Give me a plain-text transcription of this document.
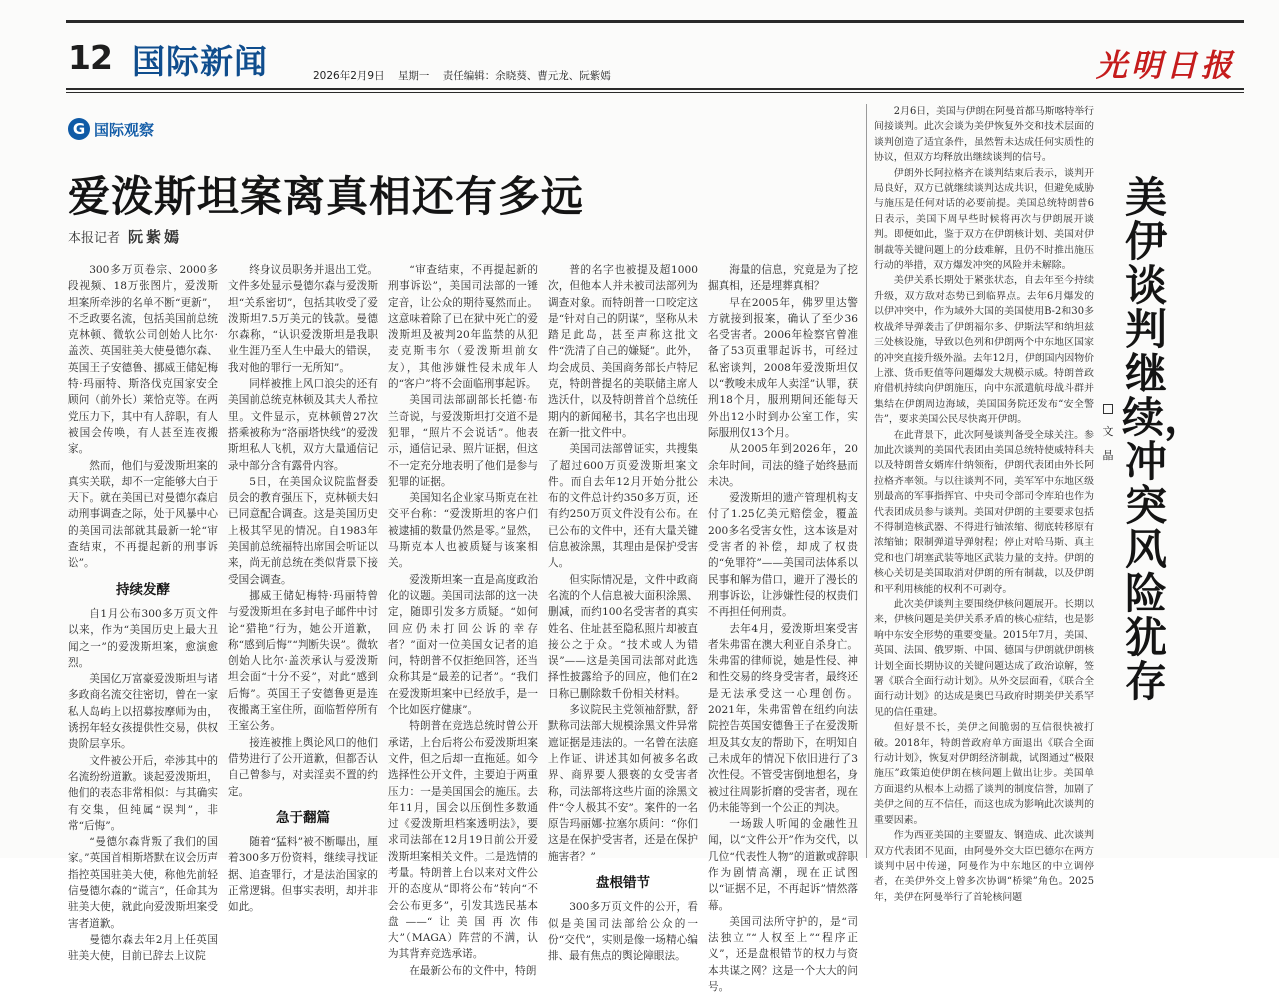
12 国际新闻	2026年2月9日 星期一 责任编辑：余晓葵、曹元龙、阮紫嫣	光明日报
G 国际观察
爱泼斯坦案离真相还有多远
本报记者 阮紫嫣

300多万页卷宗、2000多段视频、18万张图片，爱泼斯坦案所牵涉的名单不断“更新”，不乏政要名流，包括美国前总统克林顿、微软公司创始人比尔·盖茨、英国驻美大使曼德尔森、英国王子安德鲁、挪威王储妃梅特·玛丽特、斯洛伐克国家安全顾问（前外长）莱恰克等。在两党压力下，其中有人辞职，有人被国会传唤，有人甚至连夜搬家。

然而，他们与爱泼斯坦案的真实关联，却不一定能够大白于天下。就在美国已对曼德尔森启动刑事调查之际，处于风暴中心的美国司法部就其最新一轮“审查结束，不再提起新的刑事诉讼”。

持续发酵

自1月公布300多万页文件以来，作为“美国历史上最大丑闻之一”的爱泼斯坦案，愈演愈烈。

美国亿万富豪爱泼斯坦与诸多政商名流交往密切，曾在一家私人岛屿上以招募按摩师为由，诱拐年轻女孩提供性交易，供权贵阶层享乐。

文件被公开后，牵涉其中的名流纷纷道歉。谈起爱泼斯坦，他们的表态非常相似：与其确实有交集，但纯属“误判”，非常“后悔”。

“曼德尔森背叛了我们的国家。”英国首相斯塔默在议会历声指控英国驻美大使，称他先前轻信曼德尔森的“谎言”，任命其为驻美大使，就此向爱泼斯坦案受害者道歉。

曼德尔森去年2月上任英国驻美大使，目前已辞去上议院

终身议员职务并退出工党。文件多处显示曼德尔森与爱泼斯坦“关系密切”，包括其收受了爱泼斯坦7.5万美元的钱款。曼德尔森称，“认识爱泼斯坦是我职业生涯乃至人生中最大的错误，我对他的罪行一无所知”。

同样被推上风口浪尖的还有美国前总统克林顿及其夫人希拉里。文件显示，克林顿曾27次搭乘被称为“洛丽塔快线”的爱泼斯坦私人飞机，双方大量通信记录中部分含有露骨内容。

5日，在美国众议院监督委员会的教育强压下，克林顿夫妇已同意配合调查。这是美国历史上极其罕见的情况。自1983年美国前总统福特出席国会听证以来，尚无前总统在类似背景下接受国会调查。

挪威王储妃梅特·玛丽特曾与爱泼斯坦在多封电子邮件中讨论“猎艳”行为，她公开道歉，称“感到后悔”“判断失误”。微软创始人比尔·盖茨承认与爱泼斯坦会面“十分不妥”，对此“感到后悔”。英国王子安德鲁更是连夜搬离王室住所，面临暂停所有王室公务。

接连被推上舆论风口的他们借势进行了公开道歉，但都否认自己曾参与，对卖淫卖不置的约定。

急于翻篇

随着“猛料”被不断曝出，厘着300多万份资料，继续寻找证据、追查罪行，才是法治国家的正常逻辑。但事实表明，却并非如此。

“审查结束，不再提起新的刑事诉讼”，美国司法部的一锤定音，让公众的期待戛然而止。这意味着除了已在狱中死亡的爱泼斯坦及被判20年监禁的从犯麦克斯韦尔（爱泼斯坦前女友），其他涉嫌性侵未成年人的“客户”将不会面临刑事起诉。

美国司法部副部长托德·布兰奇说，与爱泼斯坦打交道不是犯罪，“照片不会说话”。他表示，通信记录、照片证据，但这不一定充分地表明了他们是参与犯罪的证据。

美国知名企业家马斯克在社交平台称：“爱泼斯坦的客户们被逮捕的数量仍然是零。”显然，马斯克本人也被质疑与该案相关。

爱泼斯坦案一直是高度政治化的议题。美国司法部的这一决定，随即引发多方质疑。“如何回应仍未打回公诉的幸存者？”面对一位美国女记者的追问，特朗普不仅拒绝回答，还当众称其是“最差的记者”。“我们在爱泼斯坦案中已经放手，是一个比如医疗健康”。

特朗普在竞选总统时曾公开承诺，上台后将公布爱泼斯坦案文件，但之后却一直拖延。如今选择性公开文件，主要迫于两重压力：一是美国国会的施压。去年11月，国会以压倒性多数通过《爱泼斯坦档案透明法》，要求司法部在12月19日前公开爱泼斯坦案相关文件。二是选情的考量。特朗普上台以来对文件公开的态度从“即将公布”转向“不会公布更多”，引发其选民基本盘——“让美国再次伟大”（MAGA）阵营的不满，认为其背弃竞选承诺。

在最新公布的文件中，特朗

普的名字也被提及超1000次，但他本人并未被司法部列为调查对象。而特朗普一口咬定这是“针对自己的阴谋”，坚称从未踏足此岛，甚至声称这批文件“洗清了自己的嫌疑”。此外，均会成员、美国商务部长卢特尼克，特朗普提名的美联储主席人选沃什，以及特朗普首个总统任期内的新闻秘书，其名字也出现在新一批文件中。

美国司法部曾证实，共搜集了超过600万页爱泼斯坦案文件。而自去年12月开始分批公布的文件总计约350多万页，还有约250万页文件没有公布。在已公布的文件中，还有大量关键信息被涂黑，其理由是保护受害人。

但实际情况是，文件中政商名流的个人信息被大面积涂黑、删减，而约100名受害者的真实姓名、住址甚至隐私照片却被直接公之于众。“技术或人为错误”——这是美国司法部对此选择性披露给予的回应，他们在2日称已删除数千份相关材料。

多议院民主党领袖舒默，舒默称司法部大规模涂黑文件异常遮证据是违法的。一名曾在法庭上作证、讲述其如何被多名政界、商界要人猥亵的女受害者称，司法部将这些片面的涂黑文件“令人极其不安”。案件的一名原告玛丽娜·拉塞尔质问：“你们这是在保护受害者，还是在保护施害者？”

盘根错节

300多万页文件的公开，看似是美国司法部给公众的一份“交代”，实则是像一场精心编排、最有焦点的舆论障眼法。

海量的信息，究竟是为了挖掘真相，还是埋葬真相？

早在2005年，佛罗里达警方就接到报案，确认了至少36名受害者。2006年检察官曾准备了53页重罪起诉书，可经过私密谈判，2008年爱泼斯坦仅以“教唆未成年人卖淫”认罪，获刑18个月，服刑期间还能每天外出12小时到办公室工作，实际服刑仅13个月。

从2005年到2026年，20余年时间，司法的缝子始终悬而未决。

爱泼斯坦的遗产管理机构支付了1.25亿美元赔偿金，覆盖200多名受害女性，这本该是对受害者的补偿，却成了权贵的“免罪符”——美国司法体系以民事和解为借口，避开了漫长的刑事诉讼，让涉嫌性侵的权贵们不再担任何刑责。

去年4月，爱泼斯坦案受害者朱弗雷在澳大利亚自杀身亡。朱弗雷的律师说，她是性侵、神和性交易的终身受害者，最终还是无法承受这一心理创伤。2021年，朱弗雷曾在纽约向法院控告英国安德鲁王子在爱泼斯坦及其女友的帮助下，在明知自己未成年的情况下依旧进行了3次性侵。不管受害倒地想名，身被过往周影折磨的受害者，现在仍未能等到一个公正的判决。

一场跋人听闻的金融性丑闻，以“文件公开”作为交代，以几位“代表性人物”的道歉或辞职作为剧情高潮，现在正试图以“证据不足，不再起诉”情然落幕。

美国司法所守护的，是“司法独立”“人权至上”“程序正义”，还是盘根错节的权力与资本共谋之网？这是一个大大的问号。

2月6日，美国与伊朗在阿曼首都马斯喀特举行间接谈判。此次会谈为美伊恢复外交和技术层面的谈判创造了适宜条件，虽然暂未达成任何实质性的协议，但双方均释放出继续谈判的信号。

伊朗外长阿拉格齐在谈判结束后表示，谈判开局良好，双方已就继续谈判达成共识，但避免威胁与施压是任何对话的必要前提。美国总统特朗普6日表示，美国下周早些时候将再次与伊朗展开谈判。即便如此，鉴于双方在伊朗核计划、美国对伊制裁等关键问题上的分歧难解，且仍不时推出施压行动的举措，双方爆发冲突的风险并未解除。

美伊关系长期处于紧张状态，自去年至今持续升级，双方敌对态势已到临界点。去年6月爆发的以伊冲突中，作为域外大国的美国使用B-2和30多枚战斧导弹袭击了伊朗福尔多、伊斯法罕和纳坦兹三处核设施，导致以色列和伊朗两个中东地区国家的冲突直接升级外溢。去年12月，伊朗国内因物价上涨、货币贬值等问题爆发大规模示威。特朗普政府借机持续向伊朗施压，向中东派遣航母战斗群并集结在伊朗周边海域，美国国务院还发布“安全警告”，要求美国公民尽快离开伊朗。

在此背景下，此次阿曼谈判备受全球关注。参加此次谈判的美国代表团由美国总统特使威特科夫以及特朗普女婿库什纳领衔，伊朗代表团由外长阿拉格齐率领。与以往谈判不同，美军军中东地区级别最高的军事指挥官、中央司令部司令库珀也作为代表团成员参与谈判。美国对伊朗的主要要求包括不得制造核武器、不得进行铀浓缩、彻底转移原有浓缩铀；限制弹道导弹射程；停止对哈马斯、真主党和也门胡塞武装等地区武装力量的支持。伊朗的核心关切是美国取消对伊朗的所有制裁，以及伊朗和平利用核能的权利不可剥夺。

此次美伊谈判主要围绕伊核问题展开。长期以来，伊核问题是美伊关系矛盾的核心症结，也是影响中东安全形势的重要变量。2015年7月，美国、英国、法国、俄罗斯、中国、德国与伊朗就伊朗核计划全面长期协议的关键问题达成了政治谅解，签署《联合全面行动计划》。从外交层面看，《联合全面行动计划》的达成是奥巴马政府时期美伊关系罕见的信任重建。

但好景不长，美伊之间脆弱的互信很快被打破。2018年，特朗普政府单方面退出《联合全面行动计划》，恢复对伊朗经济制裁，试图通过“极限施压”政策迫使伊朗在核问题上做出让步。美国单方面退约从根本上动摇了谈判的制度信誉，加剧了美伊之间的互不信任，而这也成为影响此次谈判的重要因素。

作为西亚美国的主要盟友、钢造成、此次谈判双方代表团不见面，由阿曼外交大臣巴德尔在两方谈判中居中传递，阿曼作为中东地区的中立调停者，在美伊外交上曾多次协调“桥梁”角色。2025年，美伊在阿曼举行了首轮核问题

美伊谈判继续，冲突风险犹存
文晶
